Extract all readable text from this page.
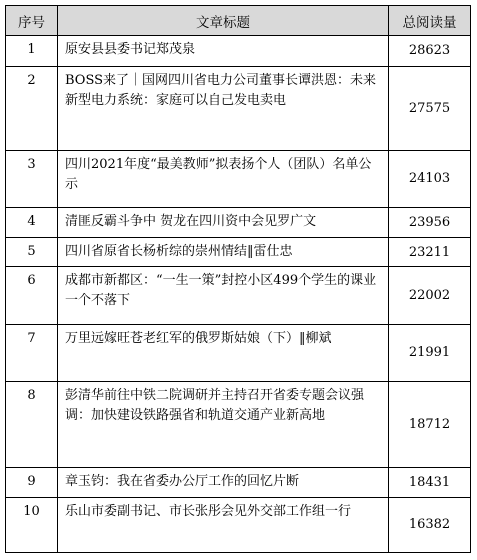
序号	文章标题	总阅读量
1	原安县县委书记郑茂泉	28623
2	BOSS来了｜国网四川省电力公司董事长谭洪恩：未来新型电力系统：家庭可以自己发电卖电	27575
3	四川2021年度“最美教师”拟表扬个人（团队）名单公示	24103
4	清匪反霸斗争中 贺龙在四川资中会见罗广文	23956
5	四川省原省长杨析综的崇州情结‖雷仕忠	23211
6	成都市新都区：“一生一策”封控小区499个学生的课业一个不落下	22002
7	万里远嫁旺苍老红军的俄罗斯姑娘（下）‖柳斌	21991
8	彭清华前往中铁二院调研并主持召开省委专题会议强调：加快建设铁路强省和轨道交通产业新高地	18712
9	章玉钧：我在省委办公厅工作的回忆片断	18431
10	乐山市委副书记、市长张彤会见外交部工作组一行	16382
